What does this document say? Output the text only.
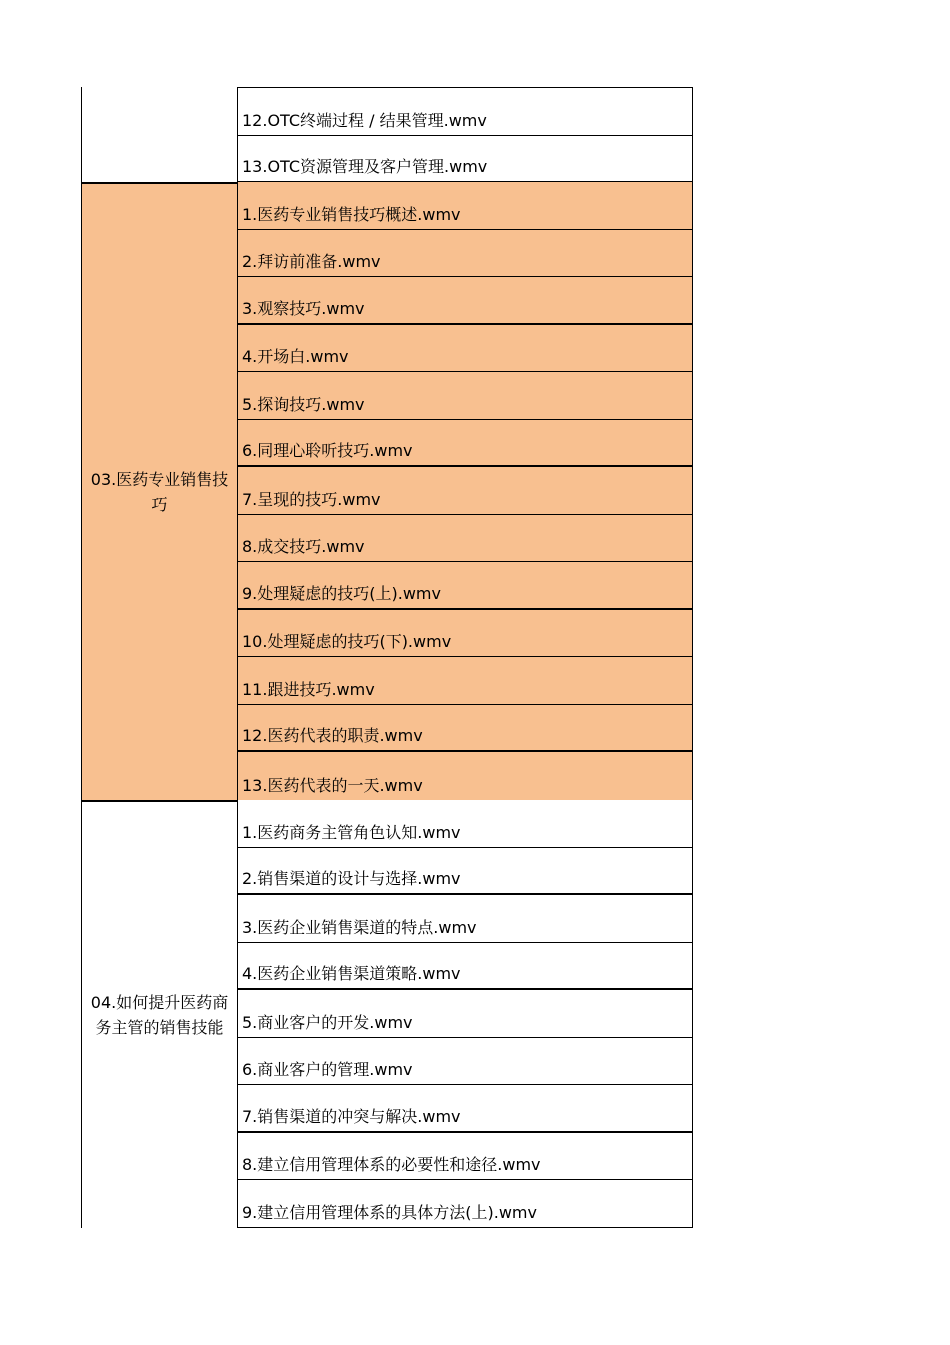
12.OTC终端过程 / 结果管理.wmv
13.OTC资源管理及客户管理.wmv
03.医药专业销售技巧
1.医药专业销售技巧概述.wmv
2.拜访前准备.wmv
3.观察技巧.wmv
4.开场白.wmv
5.探询技巧.wmv
6.同理心聆听技巧.wmv
7.呈现的技巧.wmv
8.成交技巧.wmv
9.处理疑虑的技巧(上).wmv
10.处理疑虑的技巧(下).wmv
11.跟进技巧.wmv
12.医药代表的职责.wmv
13.医药代表的一天.wmv
04.如何提升医药商务主管的销售技能
1.医药商务主管角色认知.wmv
2.销售渠道的设计与选择.wmv
3.医药企业销售渠道的特点.wmv
4.医药企业销售渠道策略.wmv
5.商业客户的开发.wmv
6.商业客户的管理.wmv
7.销售渠道的冲突与解决.wmv
8.建立信用管理体系的必要性和途径.wmv
9.建立信用管理体系的具体方法(上).wmv
